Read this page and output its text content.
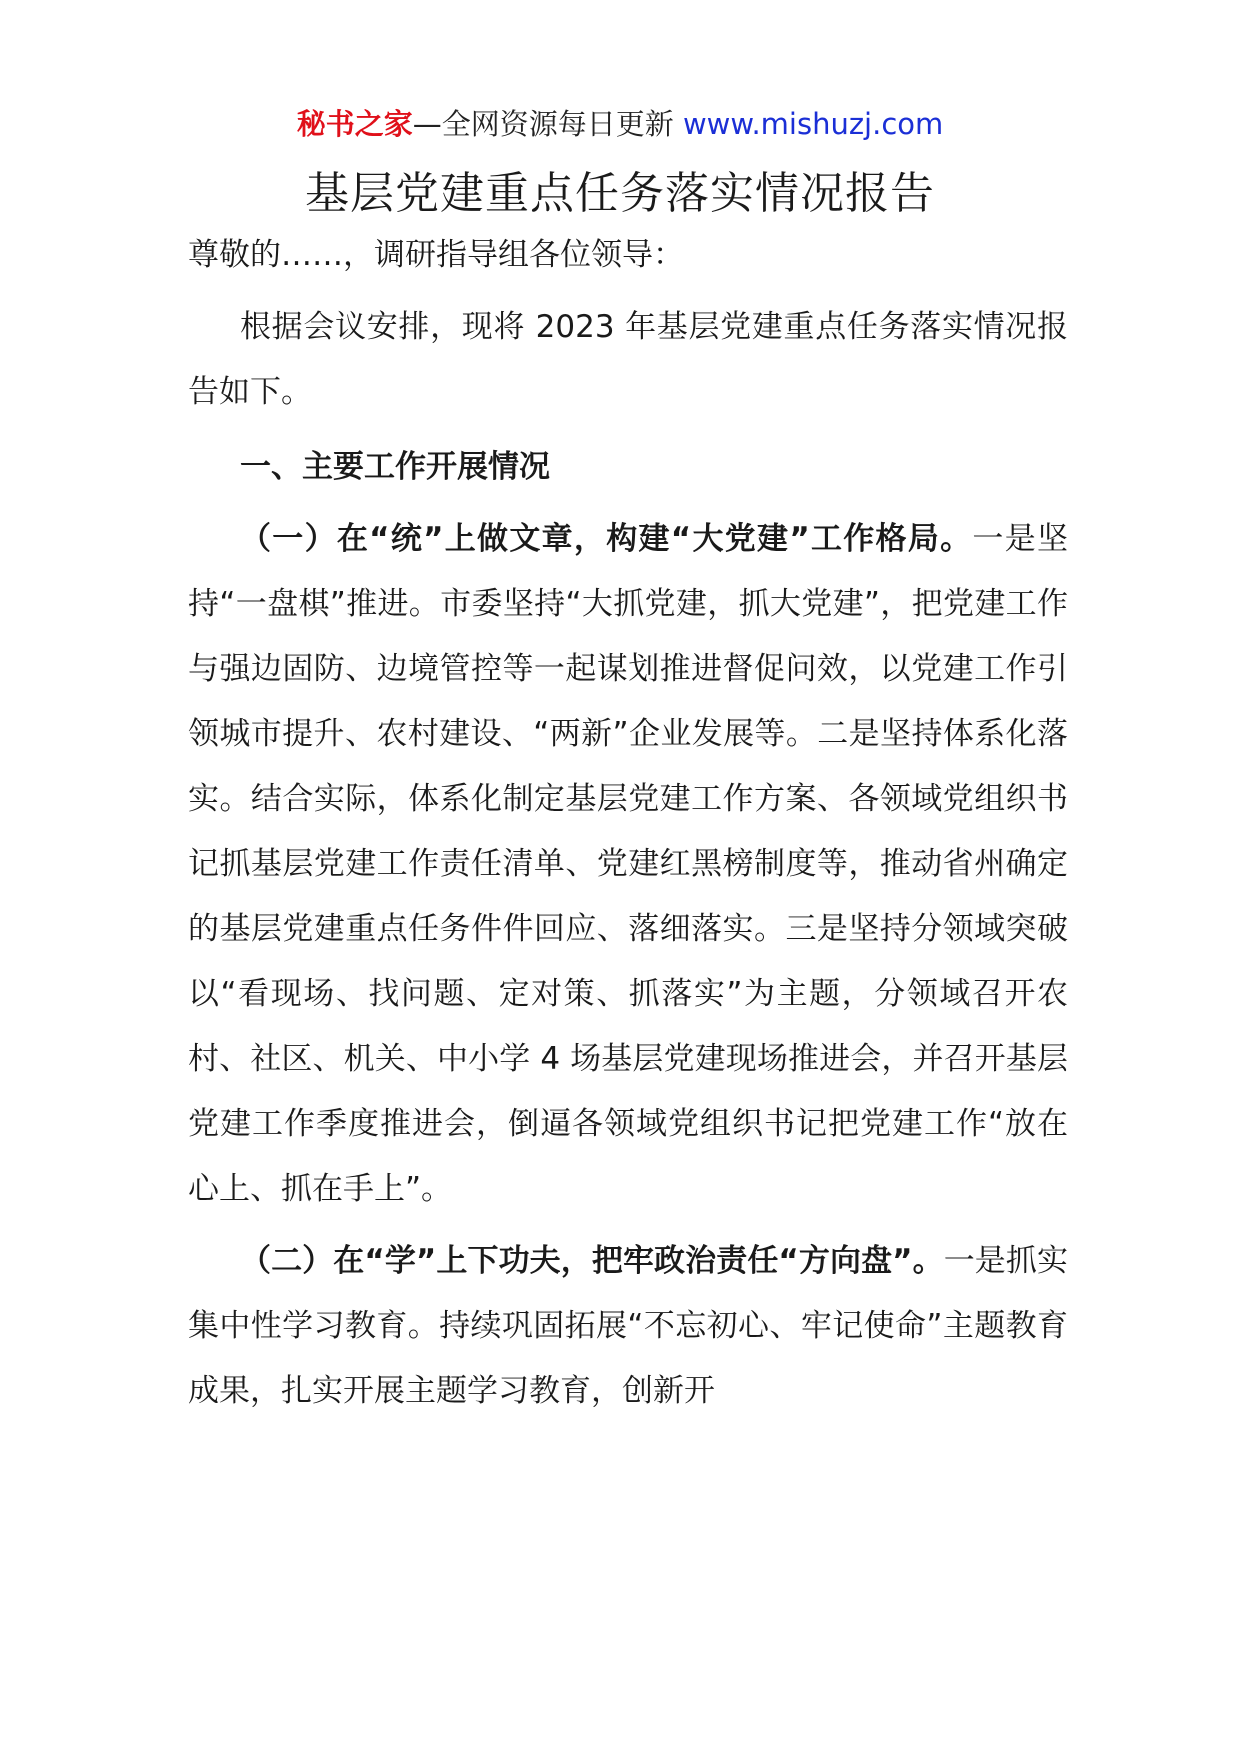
秘书之家—全网资源每日更新 www.mishuzj.com
基层党建重点任务落实情况报告

尊敬的……，调研指导组各位领导：

根据会议安排，现将 2023 年基层党建重点任务落实情况报告如下。

一、主要工作开展情况

（一）在“统”上做文章，构建“大党建”工作格局。一是坚持“一盘棋”推进。市委坚持“大抓党建，抓大党建”，把党建工作与强边固防、边境管控等一起谋划推进督促问效，以党建工作引领城市提升、农村建设、“两新”企业发展等。二是坚持体系化落实。结合实际，体系化制定基层党建工作方案、各领域党组织书记抓基层党建工作责任清单、党建红黑榜制度等，推动省州确定的基层党建重点任务件件回应、落细落实。三是坚持分领域突破以“看现场、找问题、定对策、抓落实”为主题，分领域召开农村、社区、机关、中小学 4 场基层党建现场推进会，并召开基层党建工作季度推进会，倒逼各领域党组织书记把党建工作“放在心上、抓在手上”。

（二）在“学”上下功夫，把牢政治责任“方向盘”。一是抓实集中性学习教育。持续巩固拓展“不忘初心、牢记使命”主题教育成果，扎实开展主题学习教育，创新开
